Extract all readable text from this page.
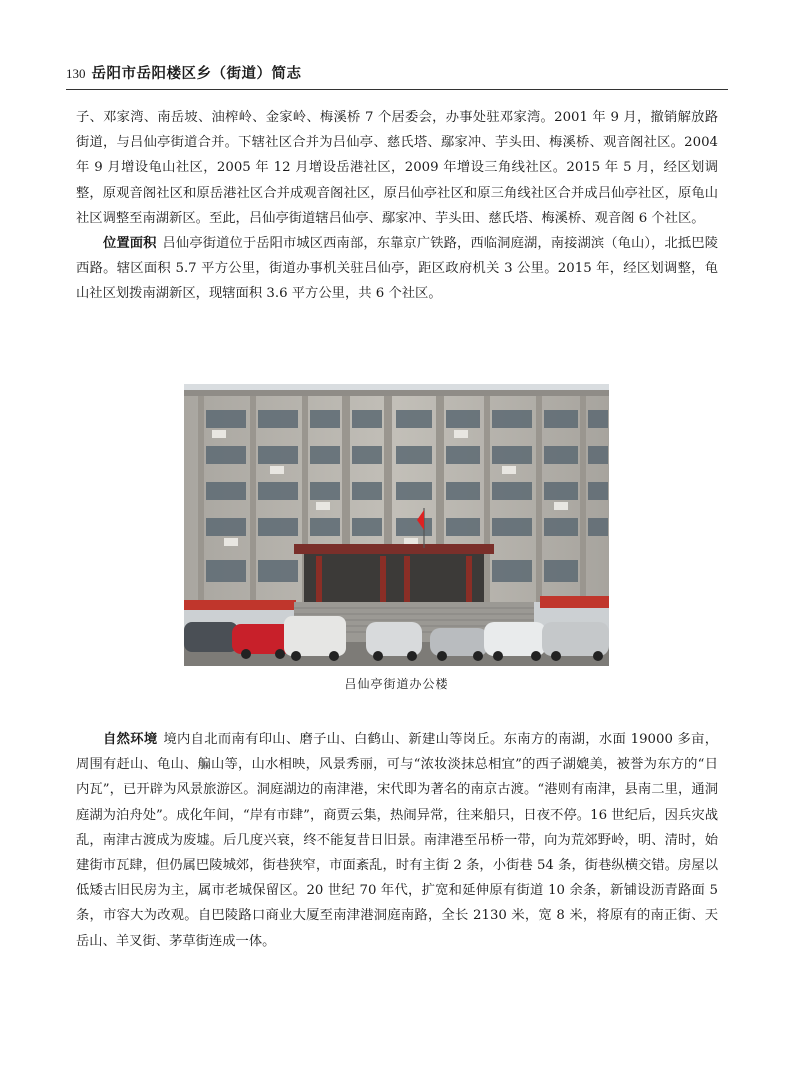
130 岳阳市岳阳楼区乡（街道）简志

子、邓家湾、南岳坡、油榨岭、金家岭、梅溪桥 7 个居委会，办事处驻邓家湾。2001 年 9 月，撤销解放路街道，与吕仙亭街道合并。下辖社区合并为吕仙亭、慈氏塔、鄢家冲、芋头田、梅溪桥、观音阁社区。2004 年 9 月增设龟山社区，2005 年 12 月增设岳港社区，2009 年增设三角线社区。2015 年 5 月，经区划调整，原观音阁社区和原岳港社区合并成观音阁社区，原吕仙亭社区和原三角线社区合并成吕仙亭社区，原龟山社区调整至南湖新区。至此，吕仙亭街道辖吕仙亭、鄢家冲、芋头田、慈氏塔、梅溪桥、观音阁 6 个社区。

位置面积 吕仙亭街道位于岳阳市城区西南部，东靠京广铁路，西临洞庭湖，南接湖滨（龟山），北抵巴陵西路。辖区面积 5.7 平方公里，街道办事机关驻吕仙亭，距区政府机关 3 公里。2015 年，经区划调整，龟山社区划拨南湖新区，现辖面积 3.6 平方公里，共 6 个社区。

吕仙亭街道办公楼

自然环境 境内自北而南有印山、磨子山、白鹤山、新建山等岗丘。东南方的南湖，水面 19000 多亩，周围有赶山、龟山、艑山等，山水相映，风景秀丽，可与“浓妆淡抹总相宜”的西子湖媲美，被誉为东方的“日内瓦”，已开辟为风景旅游区。洞庭湖边的南津港，宋代即为著名的南京古渡。“港则有南津，县南二里，通洞庭湖为泊舟处”。成化年间，“岸有市肆”，商贾云集，热闹异常，往来船只，日夜不停。16 世纪后，因兵灾战乱，南津古渡成为废墟。后几度兴衰，终不能复昔日旧景。南津港至吊桥一带，向为荒郊野岭，明、清时，始建街市瓦肆，但仍属巴陵城郊，街巷狭窄，市面紊乱，时有主街 2 条，小街巷 54 条，街巷纵横交错。房屋以低矮古旧民房为主，属市老城保留区。20 世纪 70 年代，扩宽和延伸原有街道 10 余条，新铺设沥青路面 5 条，市容大为改观。自巴陵路口商业大厦至南津港洞庭南路，全长 2130 米，宽 8 米，将原有的南正街、天岳山、羊叉街、茅草街连成一体。
